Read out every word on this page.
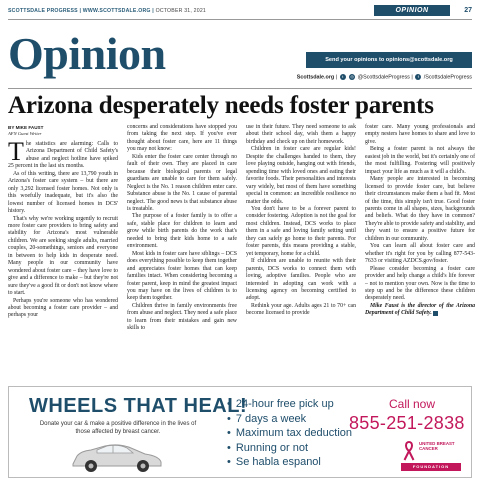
SCOTTSDALE PROGRESS | WWW.SCOTTSDALE.ORG | OCTOBER 31, 2021	OPINION	27
Opinion	Send your opinions to opinions@scottsdale.org
Scottsdale.org | t ◎ @ScottsdaleProgress | f /ScottsdaleProgress
Arizona desperately needs foster parents
BY MIKE FAUST
AFN Guest Writer

The statistics are alarming: Calls to Arizona Department of Child Safety's abuse and neglect hotline have spiked 25 percent in the last six months.

As of this writing, there are 13,790 youth in Arizona's foster care system – but there are only 3,292 licensed foster homes. Not only is this woefully inadequate, but it's also the lowest number of licensed homes in DCS' history.

That's why we're working urgently to recruit more foster care providers to bring safety and stability for Arizona's most vulnerable children. We are seeking single adults, married couples, 20-somethings, seniors and everyone in between to help kids in desperate need. Many people in our community have wondered about foster care – they have love to give and a difference to make – but they're not sure they've a good fit or don't not know where to start.

Perhaps you're someone who has wondered about becoming a foster care provider – and perhaps your

concerns and considerations have stopped you from taking the next step. If you've ever thought about foster care, here are 11 things you may not know:

Kids enter the foster care center through no fault of their own. They are placed in care because their biological parents or legal guardians are unable to care for them safely. Neglect is the No. 1 reason children enter care. Substance abuse is the No. 1 cause of parental neglect. The good news is that substance abuse is treatable.

The purpose of a foster family is to offer a safe, stable place for children to learn and grow while birth parents do the work that's needed to bring their kids home to a safe environment.

Most kids in foster care have siblings – DCS does everything possible to keep them together and appreciates foster homes that can keep families intact. When considering becoming a foster parent, keep in mind the greatest impact you may have on the lives of children is to keep them together.

Children thrive in family environments free from abuse and neglect. They need a safe place to learn from their mistakes and gain new skills to

use in their future. They need someone to ask about their school day, wish them a happy birthday and check up on their homework.

Children in foster care are regular kids! Despite the challenges handed to them, they love playing outside, hanging out with friends, spending time with loved ones and eating their favorite foods. Their personalities and interests vary widely, but most of them have something special in common: an incredible resilience no matter the odds.

You don't have to be a forever parent to consider fostering. Adoption is not the goal for most children. Instead, DCS works to place them in a safe and loving family setting until they can safely go home to their parents. For foster parents, this means providing a stable, yet temporary, home for a child.

If children are unable to reunite with their parents, DCS works to connect them with loving, adoptive families. People who are interested in adopting can work with a licensing agency on becoming certified to adopt.

Rethink your age. Adults ages 21 to 70+ can become licensed to provide

foster care. Many young professionals and empty nesters have homes to share and love to give.

Being a foster parent is not always the easiest job in the world, but it's certainly one of the most fulfilling. Fostering will positively impact your life as much as it will a child's.

Many people are interested in becoming licensed to provide foster care, but believe their circumstances make them a bad fit. Most of the time, this simply isn't true. Good foster parents come in all shapes, sizes, backgrounds and beliefs. What do they have in common? They're able to provide safety and stability, and they want to ensure a positive future for children in our community.

You can learn all about foster care and whether it's right for you by calling 877-543-7633 or visiting AZDCS.gov/foster.

Please consider becoming a foster care provider and help change a child's life forever – not to mention your own. Now is the time to step up and be the difference these children desperately need.

Mike Faust is the director of the Arizona Department of Child Safety.

WHEELS THAT HEAL!
Donate your car & make a positive difference in the lives of those affected by breast cancer.
• 24-hour free pick up
• 7 days a week
• Maximum tax deduction
• Running or not
• Se habla espanol
Call now
855-251-2838
UNITED BREAST CANCER
FOUNDATION
